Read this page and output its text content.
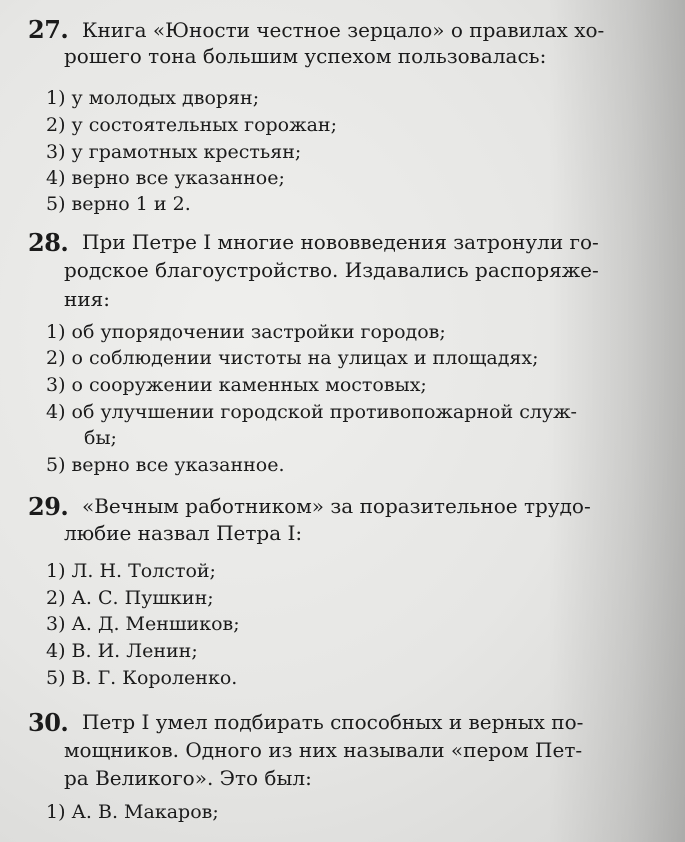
27. Книга «Юности честное зерцало» о правилах хо-
рошего тона большим успехом пользовалась:
1) у молодых дворян;
2) у состоятельных горожан;
3) у грамотных крестьян;
4) верно все указанное;
5) верно 1 и 2.
28. При Петре I многие нововведения затронули го-
родское благоустройство. Издавались распоряже-
ния:
1) об упорядочении застройки городов;
2) о соблюдении чистоты на улицах и площадях;
3) о сооружении каменных мостовых;
4) об улучшении городской противопожарной служ-
бы;
5) верно все указанное.
29. «Вечным работником» за поразительное трудо-
любие назвал Петра I:
1) Л. Н. Толстой;
2) А. С. Пушкин;
3) А. Д. Меншиков;
4) В. И. Ленин;
5) В. Г. Короленко.
30. Петр I умел подбирать способных и верных по-
мощников. Одного из них называли «пером Пет-
ра Великого». Это был:
1) А. В. Макаров;
